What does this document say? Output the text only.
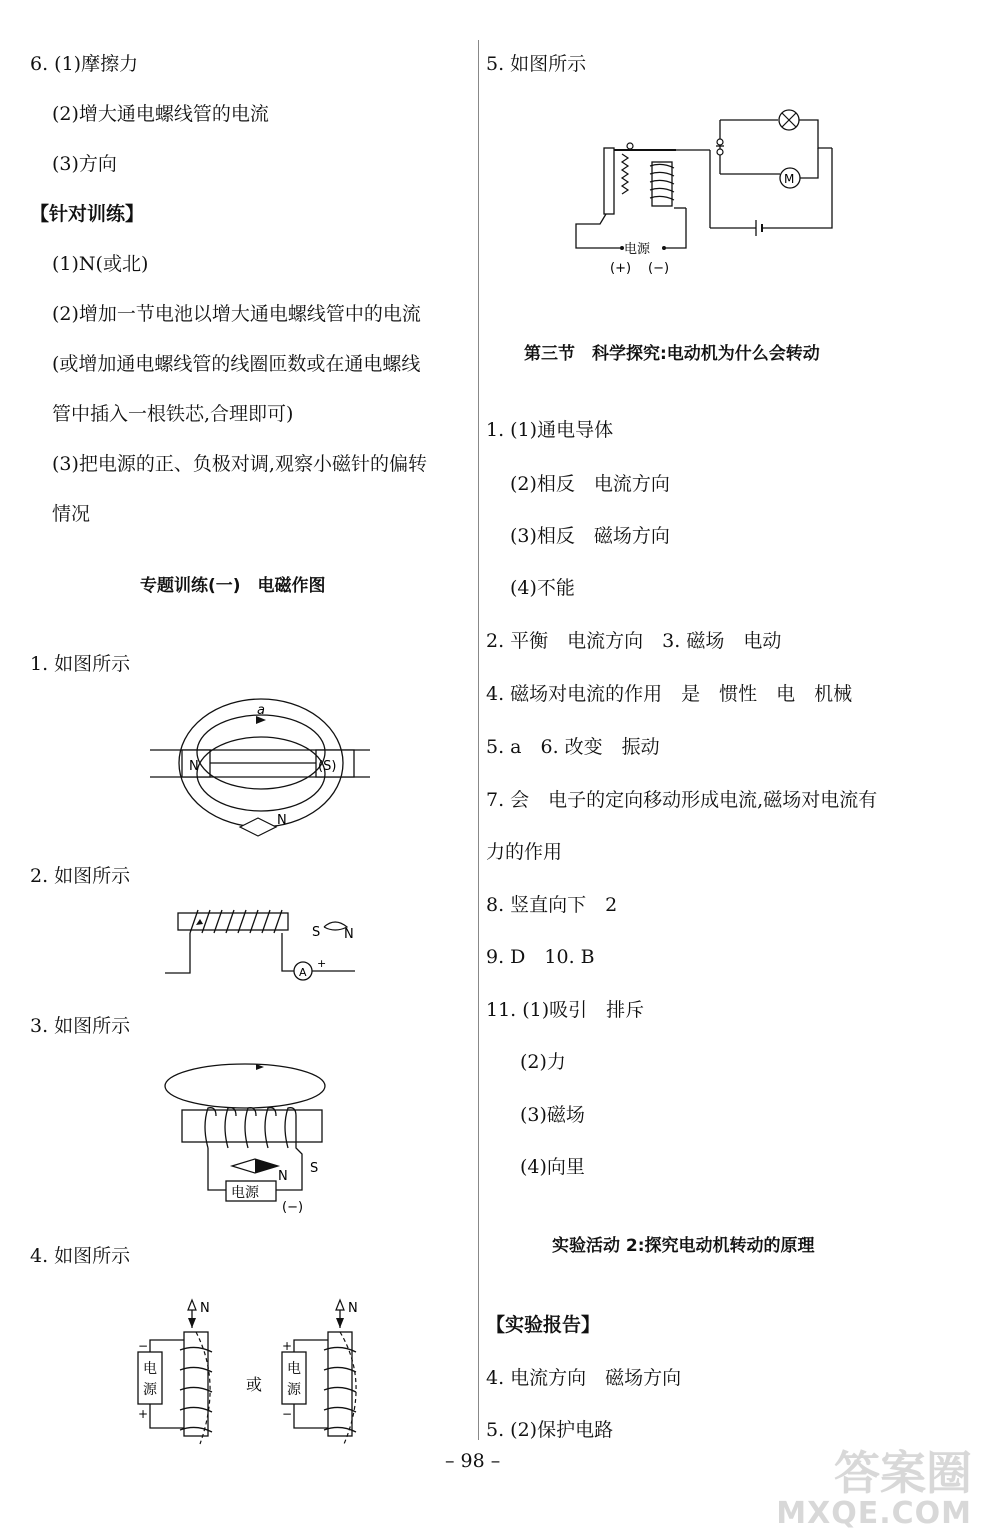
6. (1)摩擦力
(2)增大通电螺线管的电流
(3)方向
【针对训练】
(1)N(或北)
(2)增加一节电池以增大通电螺线管中的电流
(或增加通电螺线管的线圈匝数或在通电螺线
管中插入一根铁芯,合理即可)
(3)把电源的正、负极对调,观察小磁针的偏转
情况
专题训练(一)　电磁作图
1. 如图所示
N	(S)
a
N
2. 如图所示
A
+
S N
3. 如图所示
电源
N
S
(−)
4. 如图所示
N
电
源
−
+
或
N
电
源
+
−
5. 如图所示
电源
(+) (−)
M
第三节　科学探究:电动机为什么会转动
1. (1)通电导体
(2)相反　电流方向
(3)相反　磁场方向
(4)不能
2. 平衡　电流方向　3. 磁场　电动
4. 磁场对电流的作用　是　惯性　电　机械
5. a　6. 改变　振动
7. 会　电子的定向移动形成电流,磁场对电流有
力的作用
8. 竖直向下　2
9. D　10. B
11. (1)吸引　排斥
(2)力
(3)磁场
(4)向里
实验活动 2:探究电动机转动的原理
【实验报告】
4. 电流方向　磁场方向
5. (2)保护电路
– 98 –	答案圈
MXQE.COM
